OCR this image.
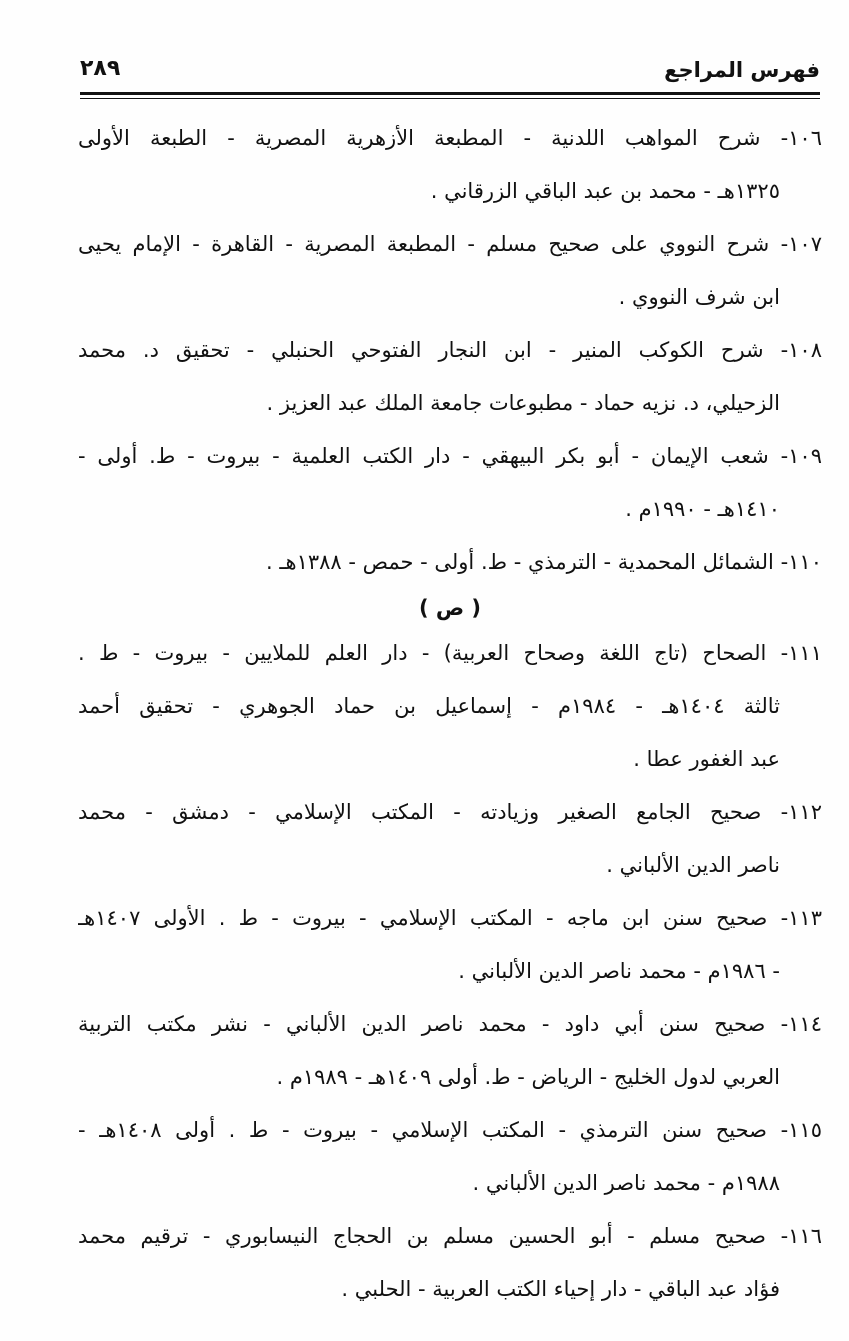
فهرس المراجع
٢٨٩
١٠٦- شرح المواهب اللدنية - المطبعة الأزهرية المصرية - الطبعة الأولى
١٣٢٥هـ - محمد بن عبد الباقي الزرقاني .
١٠٧- شرح النووي على صحيح مسلم - المطبعة المصرية - القاهرة - الإمام يحيى
ابن شرف النووي .
١٠٨- شرح الكوكب المنير - ابن النجار الفتوحي الحنبلي - تحقيق د. محمد
الزحيلي، د. نزيه حماد - مطبوعات جامعة الملك عبد العزيز .
١٠٩- شعب الإيمان - أبو بكر البيهقي - دار الكتب العلمية - بيروت - ط. أولى -
١٤١٠هـ - ١٩٩٠م .
١١٠- الشمائل المحمدية - الترمذي - ط. أولى - حمص - ١٣٨٨هـ .
( ص )
١١١- الصحاح (تاج اللغة وصحاح العربية) - دار العلم للملايين - بيروت - ط .
ثالثة ١٤٠٤هـ - ١٩٨٤م - إسماعيل بن حماد الجوهري - تحقيق أحمد
عبد الغفور عطا .
١١٢- صحيح الجامع الصغير وزيادته - المكتب الإسلامي - دمشق - محمد
ناصر الدين الألباني .
١١٣- صحيح سنن ابن ماجه - المكتب الإسلامي - بيروت - ط . الأولى ١٤٠٧هـ
- ١٩٨٦م - محمد ناصر الدين الألباني .
١١٤- صحيح سنن أبي داود - محمد ناصر الدين الألباني - نشر مكتب التربية
العربي لدول الخليج - الرياض - ط. أولى ١٤٠٩هـ - ١٩٨٩م .
١١٥- صحيح سنن الترمذي - المكتب الإسلامي - بيروت - ط . أولى ١٤٠٨هـ -
١٩٨٨م - محمد ناصر الدين الألباني .
١١٦- صحيح مسلم - أبو الحسين مسلم بن الحجاج النيسابوري - ترقيم محمد
فؤاد عبد الباقي - دار إحياء الكتب العربية - الحلبي .
